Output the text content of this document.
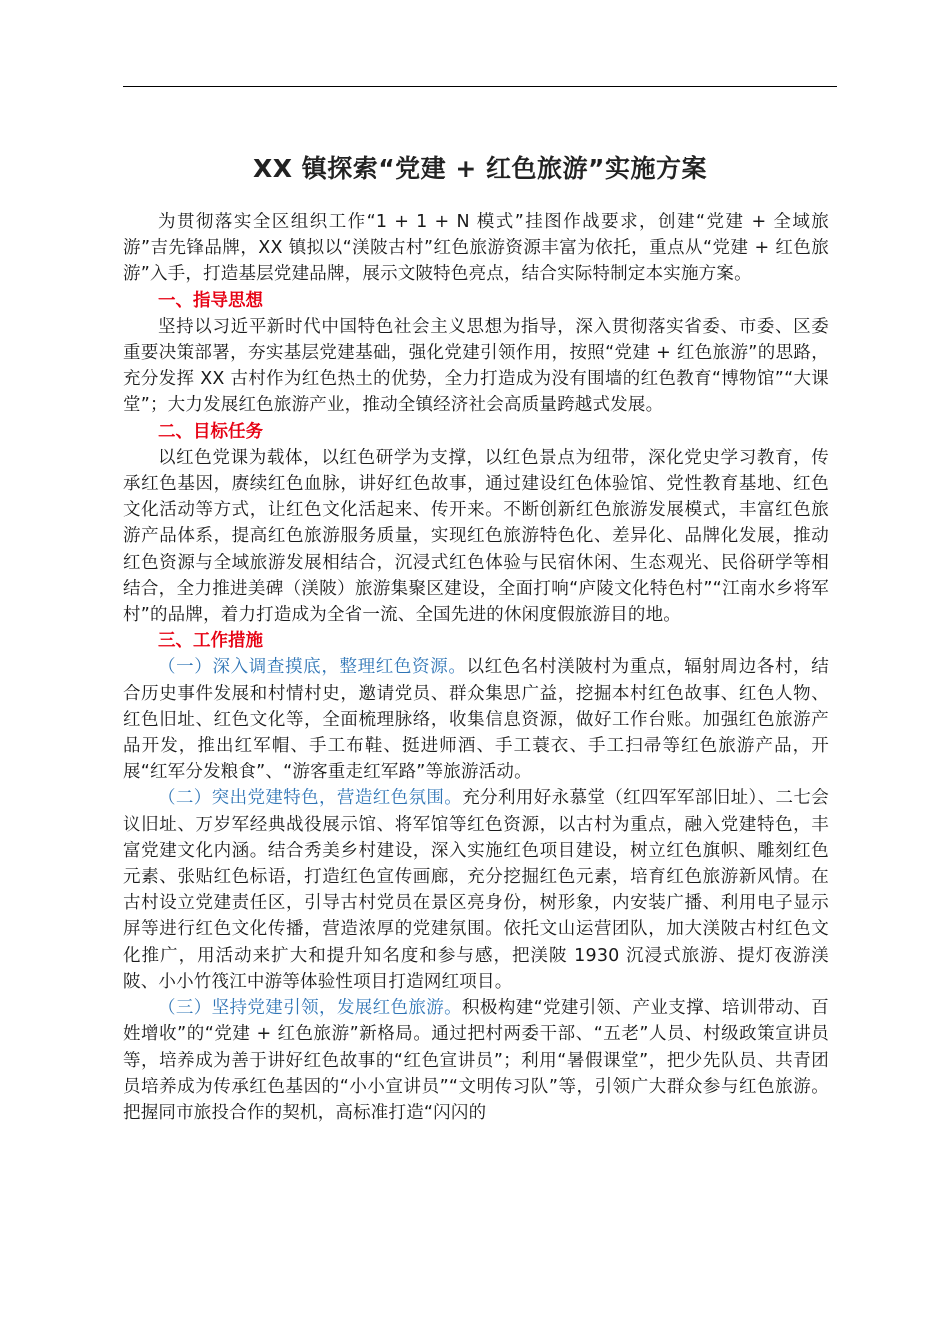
XX 镇探索“党建 + 红色旅游”实施方案

为贯彻落实全区组织工作“1 + 1 + N 模式”挂图作战要求，创建“党建 + 全域旅游”吉先锋品牌，XX 镇拟以“渼陂古村”红色旅游资源丰富为依托，重点从“党建 + 红色旅游”入手，打造基层党建品牌，展示文陂特色亮点，结合实际特制定本实施方案。

一、指导思想

坚持以习近平新时代中国特色社会主义思想为指导，深入贯彻落实省委、市委、区委重要决策部署，夯实基层党建基础，强化党建引领作用，按照“党建 + 红色旅游”的思路，充分发挥 XX 古村作为红色热土的优势，全力打造成为没有围墙的红色教育“博物馆”“大课堂”；大力发展红色旅游产业，推动全镇经济社会高质量跨越式发展。

二、目标任务

以红色党课为载体，以红色研学为支撑，以红色景点为纽带，深化党史学习教育，传承红色基因，赓续红色血脉，讲好红色故事，通过建设红色体验馆、党性教育基地、红色文化活动等方式，让红色文化活起来、传开来。不断创新红色旅游发展模式，丰富红色旅游产品体系，提高红色旅游服务质量，实现红色旅游特色化、差异化、品牌化发展，推动红色资源与全域旅游发展相结合，沉浸式红色体验与民宿休闲、生态观光、民俗研学等相结合，全力推进美碑（渼陂）旅游集聚区建设，全面打响“庐陵文化特色村”“江南水乡将军村”的品牌，着力打造成为全省一流、全国先进的休闲度假旅游目的地。

三、工作措施

（一）深入调查摸底，整理红色资源。以红色名村渼陂村为重点，辐射周边各村，结合历史事件发展和村情村史，邀请党员、群众集思广益，挖掘本村红色故事、红色人物、红色旧址、红色文化等，全面梳理脉络，收集信息资源，做好工作台账。加强红色旅游产品开发，推出红军帽、手工布鞋、挺进师酒、手工蓑衣、手工扫帚等红色旅游产品，开展“红军分发粮食”、“游客重走红军路”等旅游活动。

（二）突出党建特色，营造红色氛围。充分利用好永慕堂（红四军军部旧址）、二七会议旧址、万岁军经典战役展示馆、将军馆等红色资源，以古村为重点，融入党建特色，丰富党建文化内涵。结合秀美乡村建设，深入实施红色项目建设，树立红色旗帜、雕刻红色元素、张贴红色标语，打造红色宣传画廊，充分挖掘红色元素，培育红色旅游新风情。在古村设立党建责任区，引导古村党员在景区亮身份，树形象，内安装广播、利用电子显示屏等进行红色文化传播，营造浓厚的党建氛围。依托文山运营团队，加大渼陂古村红色文化推广，用活动来扩大和提升知名度和参与感，把渼陂 1930 沉浸式旅游、提灯夜游渼陂、小小竹筏江中游等体验性项目打造网红项目。

（三）坚持党建引领，发展红色旅游。积极构建“党建引领、产业支撑、培训带动、百姓增收”的“党建 + 红色旅游”新格局。通过把村两委干部、“五老”人员、村级政策宣讲员等，培养成为善于讲好红色故事的“红色宣讲员”；利用“暑假课堂”，把少先队员、共青团员培养成为传承红色基因的“小小宣讲员”“文明传习队”等，引领广大群众参与红色旅游。把握同市旅投合作的契机，高标准打造“闪闪的
